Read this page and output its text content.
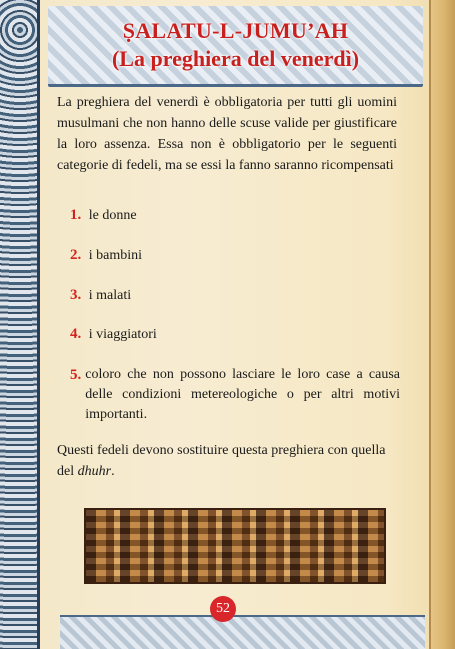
ṢALATU-L-JUMU’AH
(La preghiera del venerdì)

La preghiera del venerdì è obbligatoria per tutti gli uomini musulmani che non hanno delle scuse valide per giustificare la loro assenza. Essa non è obbligatorio per le seguenti categorie di fedeli, ma se essi la fanno saranno ricompensati

1. le donne
2. i bambini
3. i malati
4. i viaggiatori
5. coloro che non possono lasciare le loro case a causa delle condizioni metereologiche o per altri motivi importanti.

Questi fedeli devono sostituire questa preghiera con quella del dhuhr.

52
